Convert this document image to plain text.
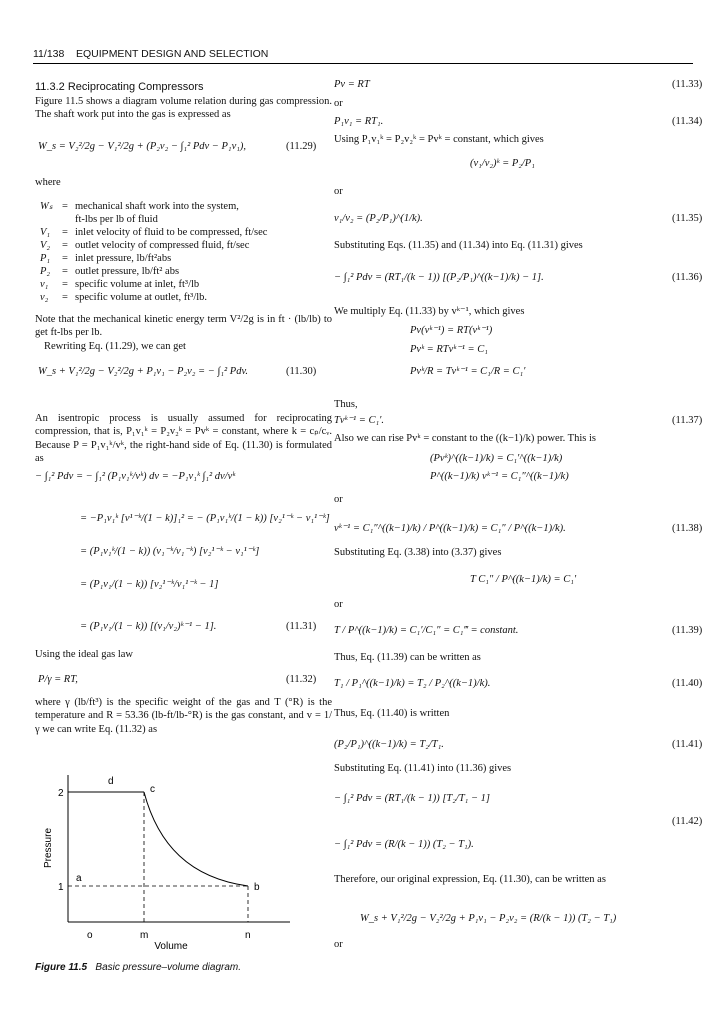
11/138 EQUIPMENT DESIGN AND SELECTION
11.3.2 Reciprocating Compressors
Figure 11.5 shows a diagram volume relation during gas compression. The shaft work put into the gas is expressed as
W_s = V₂²/2g − V₁²/2g + (P₂v₂ − ∫₁² Pdv − P₁v₁),	(11.29)
where
Wₛ = mechanical shaft work into the system,
ft-lbs per lb of fluid
V₁ = inlet velocity of fluid to be compressed, ft/sec
V₂ = outlet velocity of compressed fluid, ft/sec
P₁ = inlet pressure, lb/ft²abs
P₂ = outlet pressure, lb/ft² abs
v₁ = specific volume at inlet, ft³/lb
v₂ = specific volume at outlet, ft³/lb.
Note that the mechanical kinetic energy term V²/2g is in ft · (lb/lb) to get ft-lbs per lb.
Rewriting Eq. (11.29), we can get
W_s + V₁²/2g − V₂²/2g + P₁v₁ − P₂v₂ = − ∫₁² Pdv.	(11.30)
An isentropic process is usually assumed for reciprocating compression, that is, P₁v₁ᵏ = P₂v₂ᵏ = Pvᵏ = constant, where k = cₚ/cᵥ. Because P = P₁v₁ᵏ/vᵏ, the right-hand side of Eq. (11.30) is formulated as
− ∫₁² Pdv = − ∫₁² (P₁v₁ᵏ/vᵏ) dv = −P₁v₁ᵏ ∫₁² dv/vᵏ
= −P₁v₁ᵏ [v¹⁻ᵏ/(1 − k)]₁² = − (P₁v₁ᵏ/(1 − k)) [v₂¹⁻ᵏ − v₁¹⁻ᵏ]
= (P₁v₁ᵏ/(1 − k)) (v₁⁻ᵏ/v₁⁻ᵏ) [v₂¹⁻ᵏ − v₁¹⁻ᵏ]
= (P₁v₁/(1 − k)) [v₂¹⁻ᵏ/v₁¹⁻ᵏ − 1]
= (P₁v₁/(1 − k)) [(v₁/v₂)ᵏ⁻¹ − 1].	(11.31)
Using the ideal gas law
P/γ = RT,	(11.32)
where γ (lb/ft³) is the specific weight of the gas and T (°R) is the temperature and R = 53.36 (lb-ft/lb-°R) is the gas constant, and v = 1/γ we can write Eq. (11.32) as
2
1
d
c
a
b
o	m	n
Volume
Pressure
Figure 11.5 Basic pressure–volume diagram.
Pv = RT	(11.33)
or
P₁v₁ = RT₁.	(11.34)
Using P₁v₁ᵏ = P₂v₂ᵏ = Pvᵏ = constant, which gives
(v₁/v₂)ᵏ = P₂/P₁
or
v₁/v₂ = (P₂/P₁)^(1/k).	(11.35)
Substituting Eqs. (11.35) and (11.34) into Eq. (11.31) gives
− ∫₁² Pdv = (RT₁/(k − 1)) [(P₂/P₁)^((k−1)/k) − 1].	(11.36)
We multiply Eq. (11.33) by vᵏ⁻¹, which gives
Pv(vᵏ⁻¹) = RT(vᵏ⁻¹)
Pvᵏ = RTvᵏ⁻¹ = C₁
Pvᵏ/R = Tvᵏ⁻¹ = C₁/R = C₁′
Thus,
Tvᵏ⁻¹ = C₁′.	(11.37)
Also we can rise Pvᵏ = constant to the ((k−1)/k) power. This is
(Pvᵏ)^((k−1)/k) = C₁′^((k−1)/k)
P^((k−1)/k) vᵏ⁻¹ = C₁″^((k−1)/k)
or
vᵏ⁻¹ = C₁″^((k−1)/k) / P^((k−1)/k) = C₁″ / P^((k−1)/k).	(11.38)
Substituting Eq. (3.38) into (3.37) gives
T C₁″ / P^((k−1)/k) = C₁′
or
T / P^((k−1)/k) = C₁′/C₁″ = C₁‴ = constant.	(11.39)
Thus, Eq. (11.39) can be written as
T₁ / P₁^((k−1)/k) = T₂ / P₂^((k−1)/k).	(11.40)
Thus, Eq. (11.40) is written
(P₂/P₁)^((k−1)/k) = T₂/T₁.	(11.41)
Substituting Eq. (11.41) into (11.36) gives
− ∫₁² Pdv = (RT₁/(k − 1)) [T₂/T₁ − 1]
− ∫₁² Pdv = (R/(k − 1)) (T₂ − T₁).
(11.42)
Therefore, our original expression, Eq. (11.30), can be written as
W_s + V₁²/2g − V₂²/2g + P₁v₁ − P₂v₂ = (R/(k − 1)) (T₂ − T₁)
or
